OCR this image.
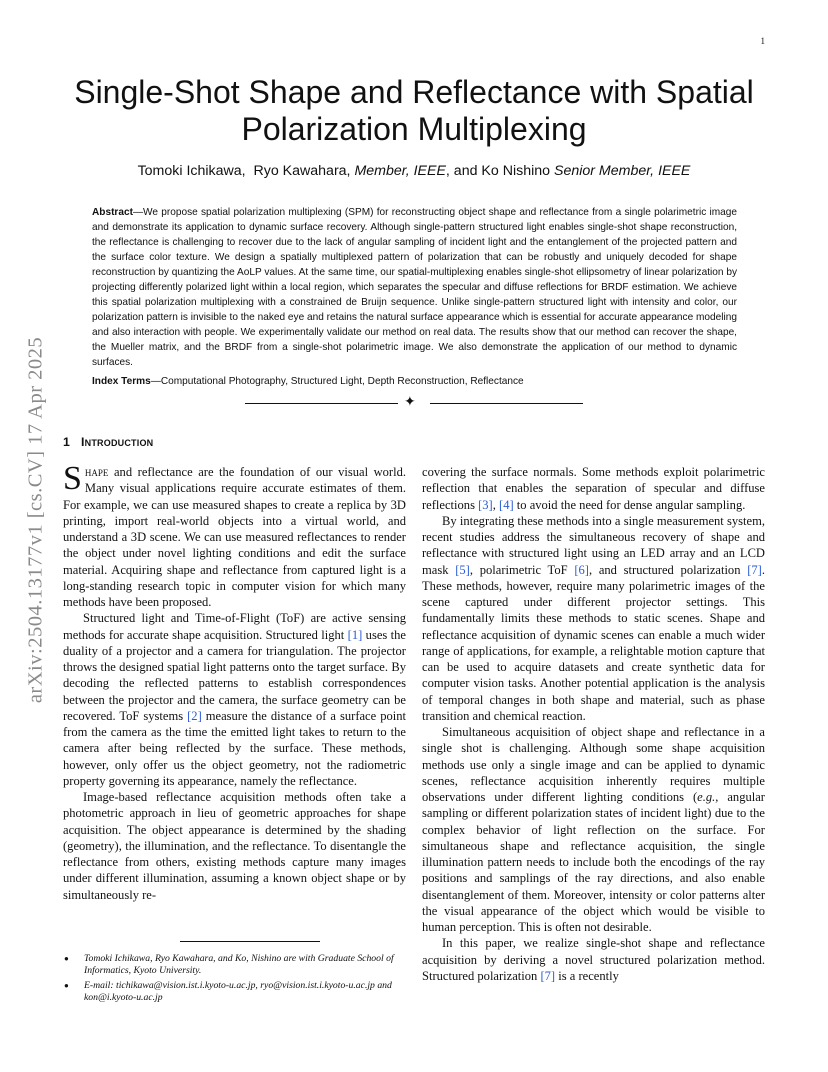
1
arXiv:2504.13177v1 [cs.CV] 17 Apr 2025
Single-Shot Shape and Reflectance with Spatial
Polarization Multiplexing

Tomoki Ichikawa, Ryo Kawahara, Member, IEEE, and Ko Nishino Senior Member, IEEE

Abstract—We propose spatial polarization multiplexing (SPM) for reconstructing object shape and reflectance from a single polarimetric image and demonstrate its application to dynamic surface recovery. Although single-pattern structured light enables single-shot shape reconstruction, the reflectance is challenging to recover due to the lack of angular sampling of incident light and the entanglement of the projected pattern and the surface color texture. We design a spatially multiplexed pattern of polarization that can be robustly and uniquely decoded for shape reconstruction by quantizing the AoLP values. At the same time, our spatial-multiplexing enables single-shot ellipsometry of linear polarization by projecting differently polarized light within a local region, which separates the specular and diffuse reflections for BRDF estimation. We achieve this spatial polarization multiplexing with a constrained de Bruijn sequence. Unlike single-pattern structured light with intensity and color, our polarization pattern is invisible to the naked eye and retains the natural surface appearance which is essential for accurate appearance modeling and also interaction with people. We experimentally validate our method on real data. The results show that our method can recover the shape, the Mueller matrix, and the BRDF from a single-shot polarimetric image. We also demonstrate the application of our method to dynamic surfaces.

Index Terms—Computational Photography, Structured Light, Depth Reconstruction, Reflectance

✦
1 Introduction

Shape and reflectance are the foundation of our visual world. Many visual applications require accurate estimates of them. For example, we can use measured shapes to create a replica by 3D printing, import real-world objects into a virtual world, and understand a 3D scene. We can use measured reflectances to render the object under novel lighting conditions and edit the surface material. Acquiring shape and reflectance from captured light is a long-standing research topic in computer vision for which many methods have been proposed.

Structured light and Time-of-Flight (ToF) are active sensing methods for accurate shape acquisition. Structured light [1] uses the duality of a projector and a camera for triangulation. The projector throws the designed spatial light patterns onto the target surface. By decoding the reflected patterns to establish correspondences between the projector and the camera, the surface geometry can be recovered. ToF systems [2] measure the distance of a surface point from the camera as the time the emitted light takes to return to the camera after being reflected by the surface. These methods, however, only offer us the object geometry, not the radiometric property governing its appearance, namely the reflectance.

Image-based reflectance acquisition methods often take a photometric approach in lieu of geometric approaches for shape acquisition. The object appearance is determined by the shading (geometry), the illumination, and the reflectance. To disentangle the reflectance from others, existing methods capture many images under different illumination, assuming a known object shape or by simultaneously re-

covering the surface normals. Some methods exploit polarimetric reflection that enables the separation of specular and diffuse reflections [3], [4] to avoid the need for dense angular sampling.

By integrating these methods into a single measurement system, recent studies address the simultaneous recovery of shape and reflectance with structured light using an LED array and an LCD mask [5], polarimetric ToF [6], and structured polarization [7]. These methods, however, require many polarimetric images of the scene captured under different projector settings. This fundamentally limits these methods to static scenes. Shape and reflectance acquisition of dynamic scenes can enable a much wider range of applications, for example, a relightable motion capture that can be used to acquire datasets and create synthetic data for computer vision tasks. Another potential application is the analysis of temporal changes in both shape and material, such as phase transition and chemical reaction.

Simultaneous acquisition of object shape and reflectance in a single shot is challenging. Although some shape acquisition methods use only a single image and can be applied to dynamic scenes, reflectance acquisition inherently requires multiple observations under different lighting conditions (e.g., angular sampling or different polarization states of incident light) due to the complex behavior of light reflection on the surface. For simultaneous shape and reflectance acquisition, the single illumination pattern needs to include both the encodings of the ray positions and samplings of the ray directions, and also enable disentanglement of them. Moreover, intensity or color patterns alter the visual appearance of the object which would be visible to human perception. This is often not desirable.

In this paper, we realize single-shot shape and reflectance acquisition by deriving a novel structured polarization method. Structured polarization [7] is a recently

● Tomoki Ichikawa, Ryo Kawahara, and Ko, Nishino are with Graduate School of Informatics, Kyoto University.
● E-mail: tichikawa@vision.ist.i.kyoto-u.ac.jp, ryo@vision.ist.i.kyoto-u.ac.jp and kon@i.kyoto-u.ac.jp
